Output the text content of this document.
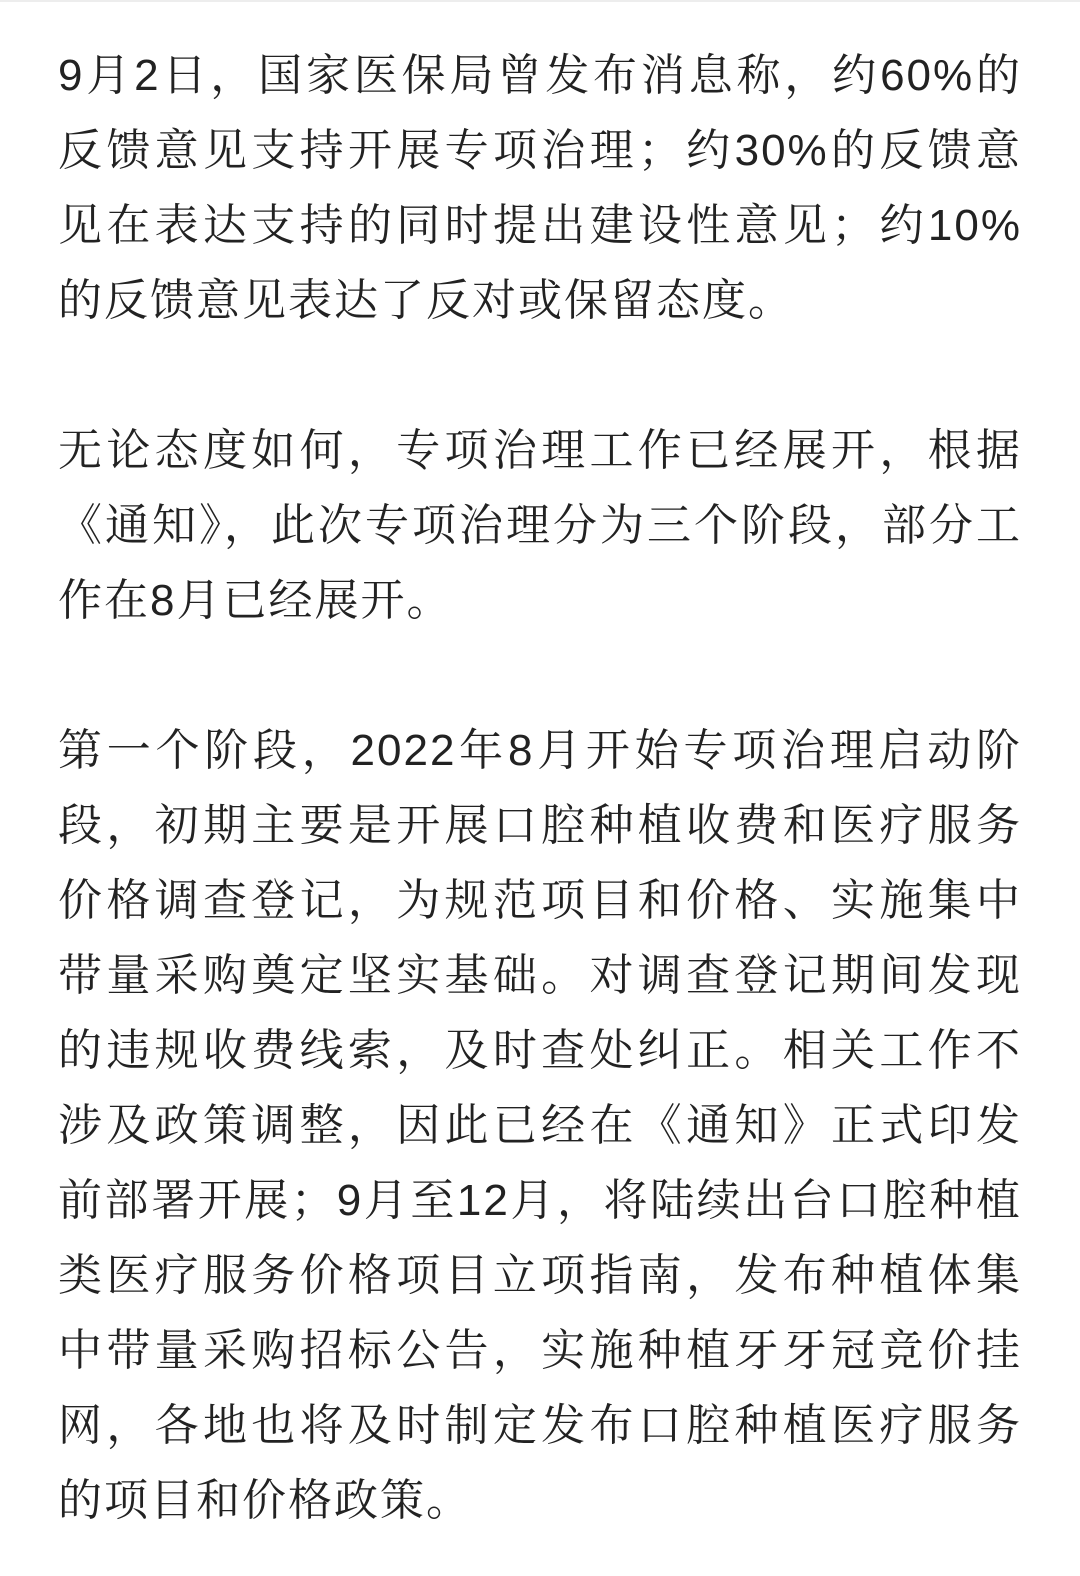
9月2日，国家医保局曾发布消息称，约60%的反馈意见支持开展专项治理；约30%的反馈意见在表达支持的同时提出建设性意见；约10%的反馈意见表达了反对或保留态度。

无论态度如何，专项治理工作已经展开，根据《通知》，此次专项治理分为三个阶段，部分工作在8月已经展开。

第一个阶段，2022年8月开始专项治理启动阶段，初期主要是开展口腔种植收费和医疗服务价格调查登记，为规范项目和价格、实施集中带量采购奠定坚实基础。对调查登记期间发现的违规收费线索，及时查处纠正。相关工作不涉及政策调整，因此已经在《通知》正式印发前部署开展；9月至12月，将陆续出台口腔种植类医疗服务价格项目立项指南，发布种植体集中带量采购招标公告，实施种植牙牙冠竞价挂网，各地也将及时制定发布口腔种植医疗服务的项目和价格政策。
